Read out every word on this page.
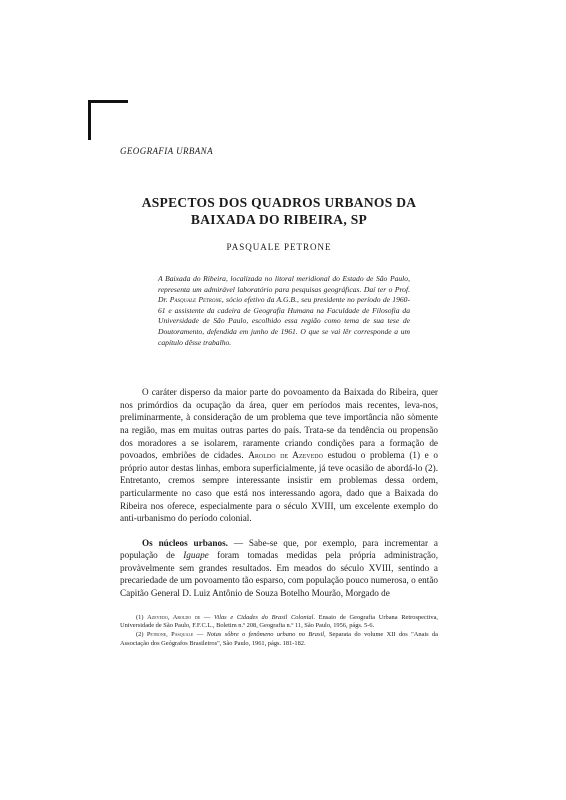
GEOGRAFIA URBANA
ASPECTOS DOS QUADROS URBANOS DA
BAIXADA DO RIBEIRA, SP
PASQUALE PETRONE
A Baixada do Ribeira, localizada no litoral meridional do Estado de São Paulo, representa um admirável laboratório para pesquisas geográficas. Daí ter o Prof. Dr. Pasquale Petrone, sócio efetivo da A.G.B., seu presidente no período de 1960-61 e assistente da cadeira de Geografia Humana na Faculdade de Filosofia da Universidade de São Paulo, escolhido essa região como tema de sua tese de Doutoramento, defendida em junho de 1961. O que se vai lêr corresponde a um capítulo dêsse trabalho.

O caráter disperso da maior parte do povoamento da Baixada do Ribeira, quer nos primórdios da ocupação da área, quer em períodos mais recentes, leva-nos, preliminarmente, à consideração de um problema que teve importância não sòmente na região, mas em muitas outras partes do país. Trata-se da tendência ou propensão dos moradores a se isolarem, raramente criando condições para a formação de povoados, embriões de cidades. Aroldo de Azevedo estudou o problema (1) e o próprio autor destas linhas, embora superficialmente, já teve ocasião de abordá-lo (2). Entretanto, cremos sempre interessante insistir em problemas dessa ordem, particularmente no caso que está nos interessando agora, dado que a Baixada do Ribeira nos oferece, especialmente para o século XVIII, um excelente exemplo do anti-urbanismo do período colonial.

Os núcleos urbanos. — Sabe-se que, por exemplo, para incrementar a população de Iguape foram tomadas medidas pela própria administração, provàvelmente sem grandes resultados. Em meados do século XVIII, sentindo a precariedade de um povoamento tão esparso, com população pouco numerosa, o então Capitão General D. Luiz Antônio de Souza Botelho Mourão, Morgado de

(1) Azevedo, Aroldo de — Vilas e Cidades do Brasil Colonial. Ensaio de Geografia Urbana Retrospectiva, Universidade de São Paulo, F.F.C.L., Boletim n.º 208, Geografia n.º 11, São Paulo, 1956, págs. 5-6.
(2) Petrone, Pasquale — Notas sôbre o fenômeno urbano no Brasil, Separata do volume XII dos "Anais da Associação dos Geógrafos Brasileiros", São Paulo, 1961, págs. 181-182.
